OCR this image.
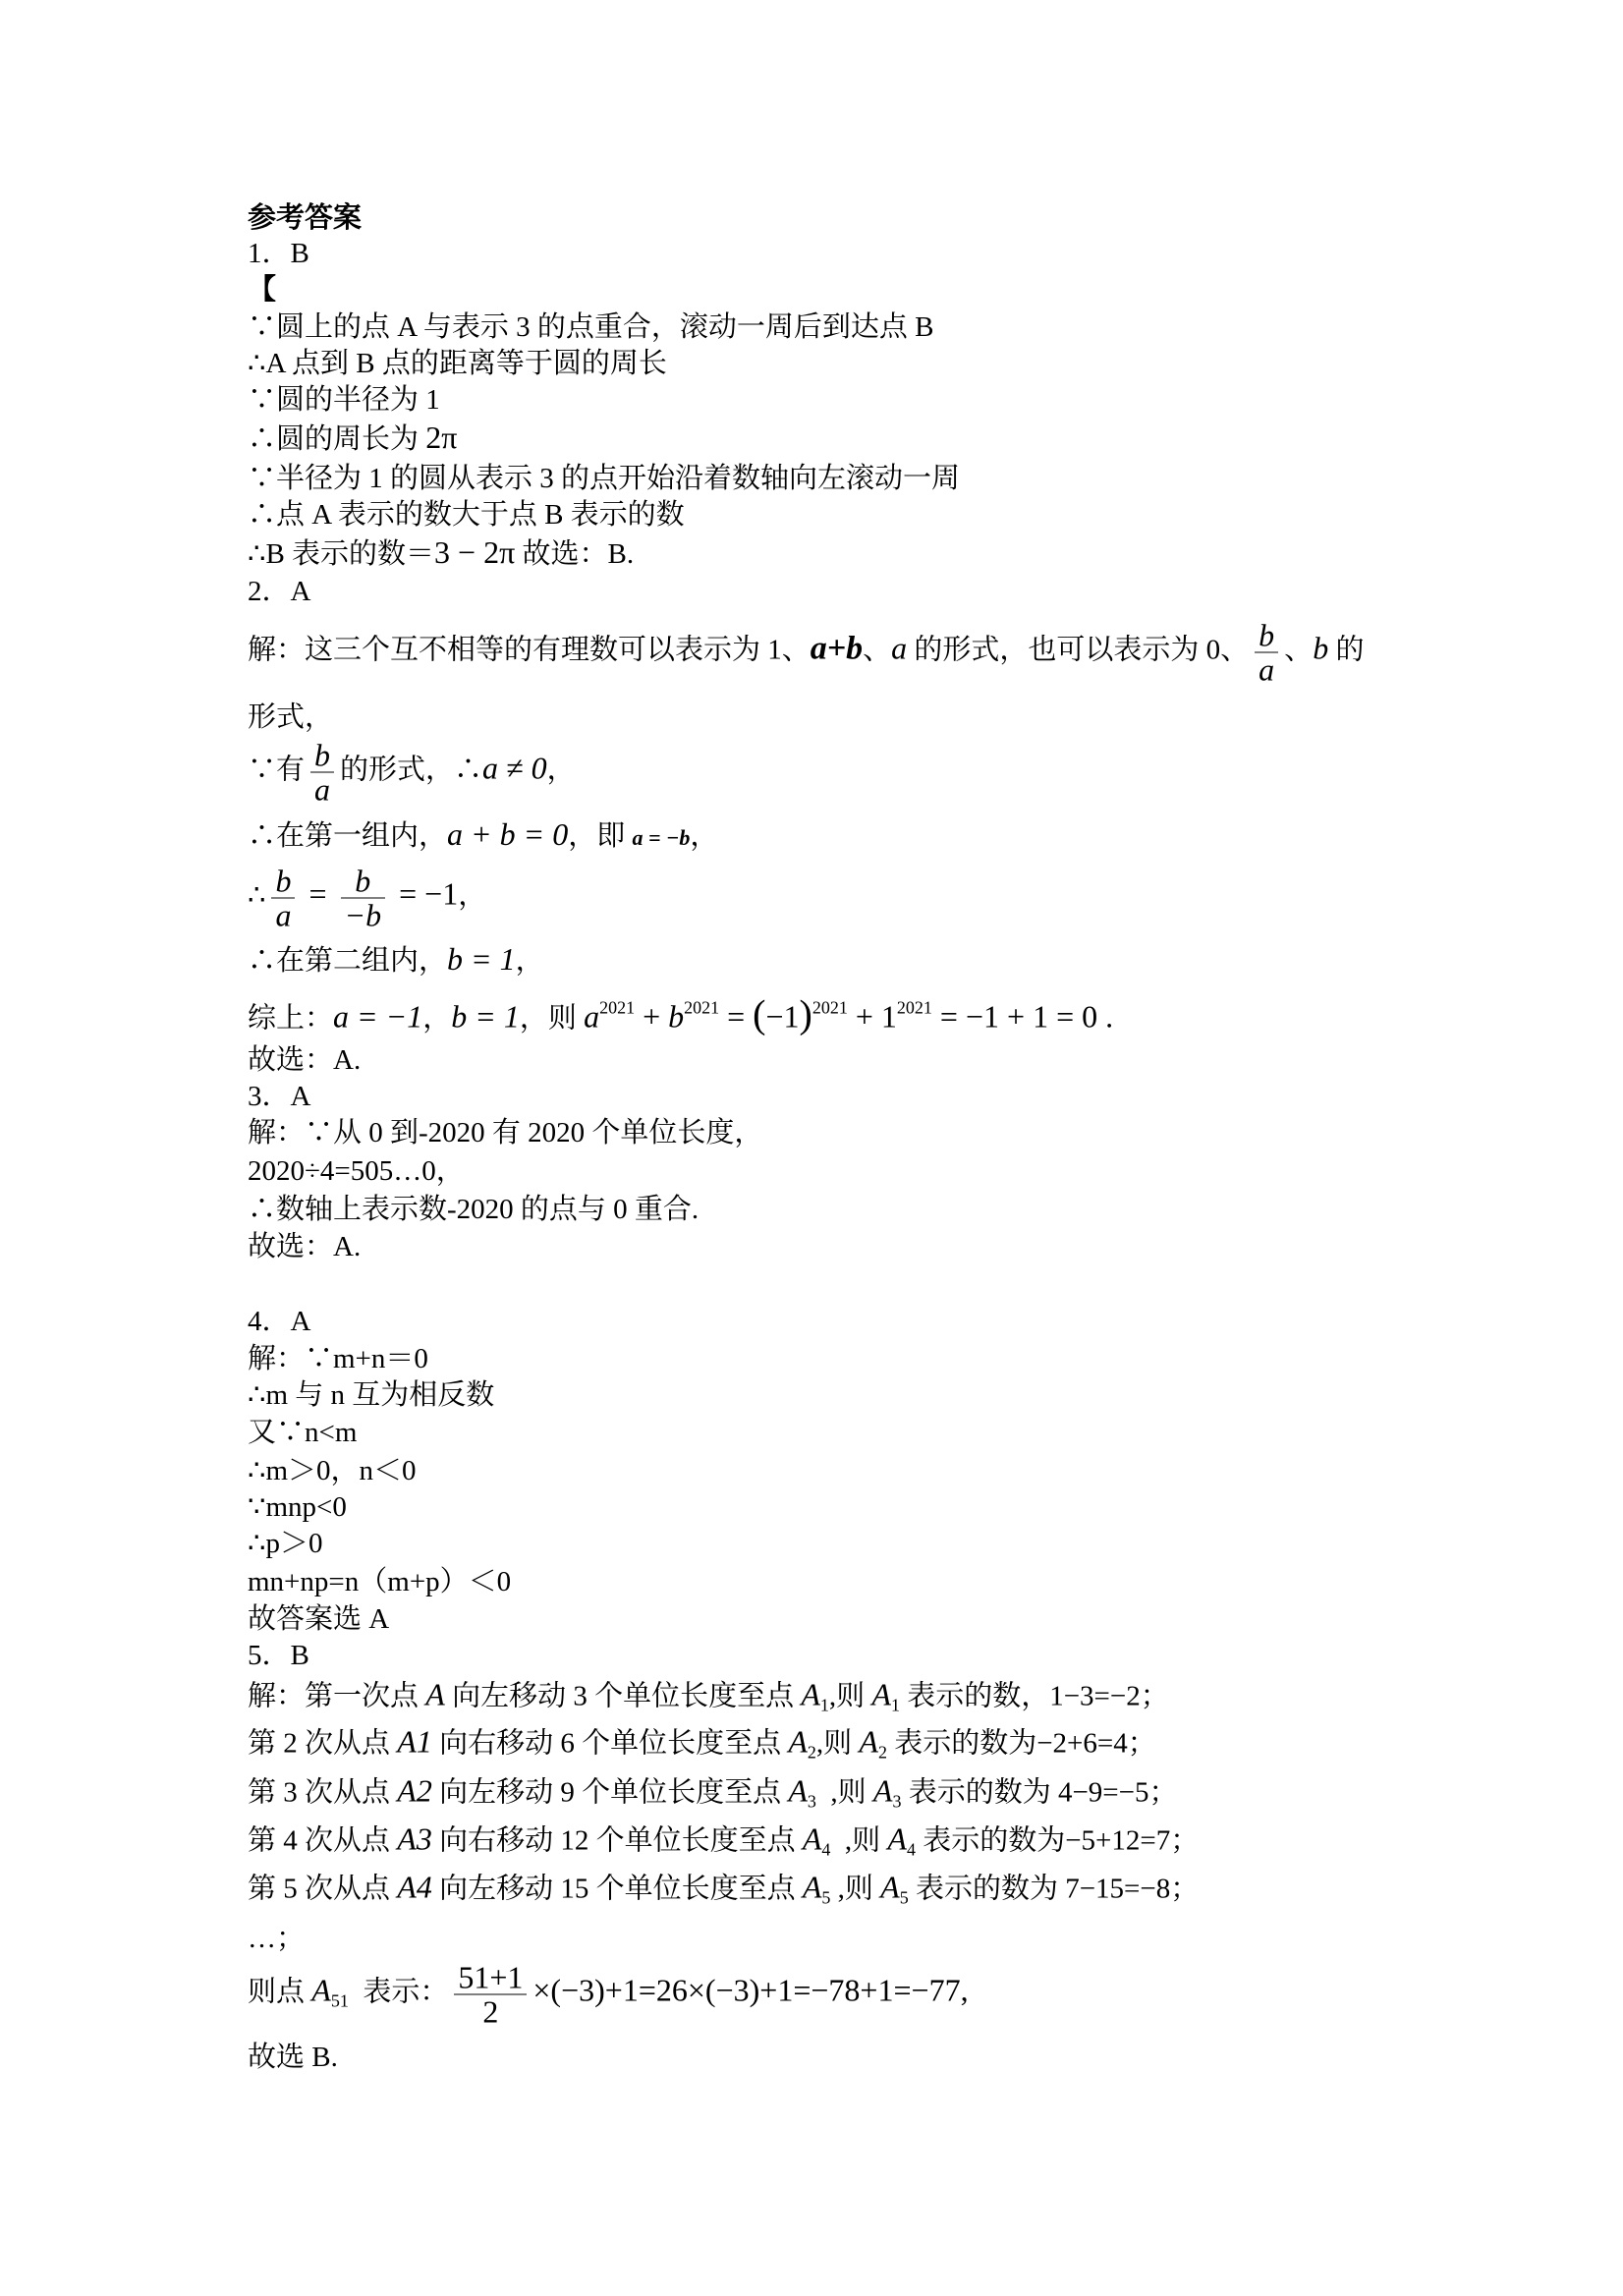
参考答案
1．B
【
∵圆上的点 A 与表示 3 的点重合，滚动一周后到达点 B
∴A 点到 B 点的距离等于圆的周长
∵圆的半径为 1
∴圆的周长为 2π
∵半径为 1 的圆从表示 3 的点开始沿着数轴向左滚动一周
∴点 A 表示的数大于点 B 表示的数
∴B 表示的数＝3 − 2π 故选：B.
2．A
解：这三个互不相等的有理数可以表示为 1、a+b、a 的形式，也可以表示为 0、 $\frac{b}{a}$ 、b 的
形式，
∵有 $\frac{b}{a}$ 的形式，∴a ≠ 0，
∴在第一组内，a + b = 0，即 a = −b，
∴ $\frac{b}{a} = \frac{b}{-b} = -1$，
∴在第二组内，b = 1，
综上：a = −1，b = 1，则 $a^{2021} + b^{2021} = (-1)^{2021} + 1^{2021} = -1 + 1 = 0$ .
故选：A.
3．A
解：∵从 0 到-2020 有 2020 个单位长度，
2020÷4=505…0，
∴数轴上表示数-2020 的点与 0 重合.
故选：A.
4．A
解：∵m+n＝0
∴m 与 n 互为相反数
又∵n<m
∴m＞0，n＜0
∵mnp<0
∴p＞0
mn+np=n（m+p）＜0
故答案选 A
5．B
解：第一次点 A 向左移动 3 个单位长度至点 $A_1$,则 $A_1$ 表示的数，1−3=−2；
第 2 次从点 A1 向右移动 6 个单位长度至点 $A_2$,则 $A_2$ 表示的数为−2+6=4；
第 3 次从点 A2 向左移动 9 个单位长度至点 $A_3$  ,则 $A_3$ 表示的数为 4−9=−5；
第 4 次从点 A3 向右移动 12 个单位长度至点 $A_4$  ,则 $A_4$ 表示的数为−5+12=7；
第 5 次从点 A4 向左移动 15 个单位长度至点 $A_5$ ,则 $A_5$ 表示的数为 7−15=−8；
…；
则点 $A_{51}$  表示： $\frac{51+1}{2} \times(-3)+1=26\times(-3)+1=-78+1=-77$,
故选 B.
